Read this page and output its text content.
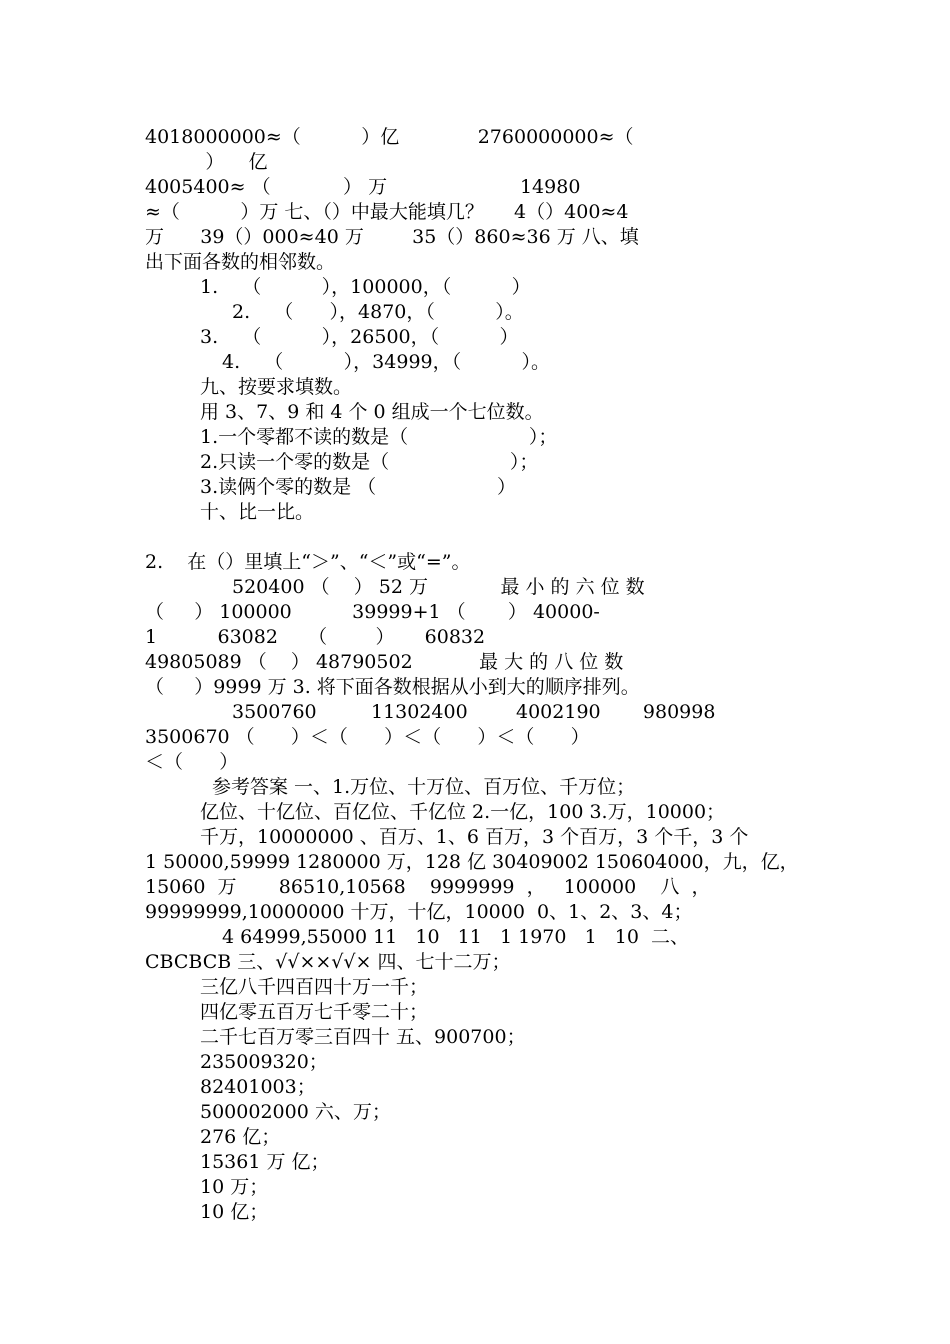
4018000000≈（          ）亿             2760000000≈（
）    亿
4005400≈ （            ） 万                      14980
≈（          ）万 七、（）中最大能填几？     4（）400≈4
万      39（）000≈40 万        35（）860≈36 万 八、填
出下面各数的相邻数。
1.    （          ），100000，（          ）
2.    （      ），4870，（          ）。
3.    （          ），26500，（          ）
4.    （          ），34999，（          ）。
九、按要求填数。
用 3、7、9 和 4 个 0 组成一个七位数。
1.一个零都不读的数是（                    ）；
2.只读一个零的数是（                    ）；
3.读俩个零的数是 （                    ）
十、比一比。
2.    在（）里填上“＞”、“＜”或“=”。
520400 （    ） 52 万            最 小 的 六 位 数
（     ） 100000          39999+1 （       ） 40000-
1          63082     （        ）     60832
49805089 （    ） 48790502           最 大 的 八 位 数
（     ）9999 万 3. 将下面各数根据从小到大的顺序排列。
3500760         11302400        4002190       980998
3500670 （      ）＜（      ）＜（      ）＜（      ）
＜（      ）
参考答案 一、1.万位、十万位、百万位、千万位；
亿位、十亿位、百亿位、千亿位 2.一亿，100 3.万，10000；
千万，10000000 、百万、1、6 百万，3 个百万，3 个千，3 个
1 50000,59999 1280000 万，128 亿 30409002 150604000，九，亿，
15060  万       86510,10568    9999999  ，   100000    八  ，
99999999,10000000 十万，十亿，10000  0、1、2、3、4；
4 64999,55000 11   10   11   1 1970   1   10  二、
CBCBCB 三、√√××√√× 四、七十二万；
三亿八千四百四十万一千；
四亿零五百万七千零二十；
二千七百万零三百四十 五、900700；
235009320；
82401003；
500002000 六、万；
276 亿；
15361 万 亿；
10 万；
10 亿；
